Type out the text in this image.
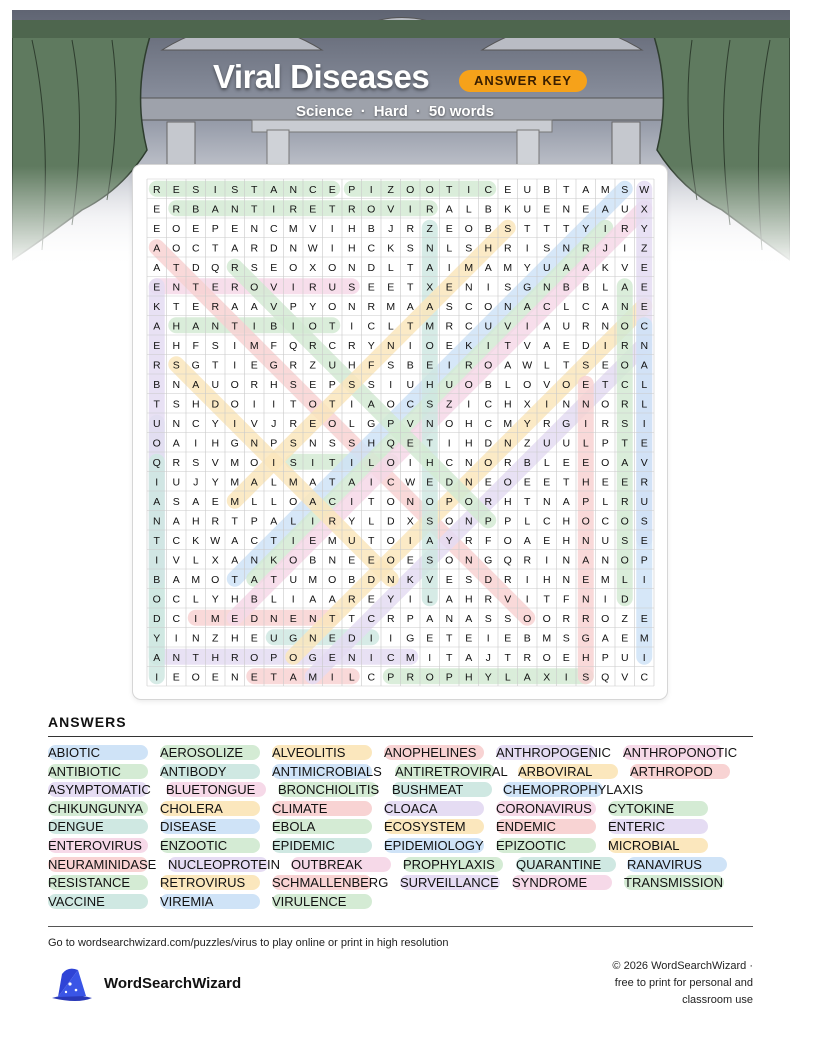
Viral Diseases	ANSWER KEY
Science · Hard · 50 words
R E S I S T A N C E P I Z O O T I C E U B T A M S W
E R B A N T I R E T R O V I R A L B K U E N E A U X
E O E P E N C M V I H B J R Z E O B S T T T Y I R Y
A O C T A R D N W I H C K S N L S H R I S N R J I Z
A T D Q R S E O X O N D L T A I M A M Y U A A K V E
E N T E R O V I R U S E E T X E N I S G N B B L A E
K T E R A A V P Y O N R M A A S C O N A C L C A N E
A H A N T I B I O T I C L T M R C U V I A U R N O C
E H F S I M F Q R C R Y N I O E K I T V A E D I R N
R S G T I E G R Z U H F S B E I R O A W L T S E O A
B N A U O R H S E P S S I U H U O B L O V O E T C L
T S H D O I I T O T I A O C S Z I C H X I N N O R L
U N C Y I V J R E O L G P V N O H C M Y R G I R S I
O A I H G N P S N S S H Q E T I H D N Z U U L P T E
Q R S V M O I S I T I L O I H C N O R B L E E O A V
I U J Y M A L M A T A I C W E D N E O E E T H E E R
A S A E M L L O A C I T O N O P O R H T N A P L R U
N A H R T P A L I R Y L D X S O N P P L C H O C O S
T C K W A C T I E M U T O I A Y R F O A E H N U S E
I V L X A N K O B N E E O E S O N G Q R I N A N O P
B A M O T A T U M O B D N K V E S D R I H N E M L I
O C L Y H B L I A A R E Y I L A H R V I T F N I D
D C I M E D N E N T T C R P A N A S S O O R R O Z E
Y I N Z H E U G N E D I I G E T E I E B M S G A E M
A N T H R O P O G E N I C M I T A J T R O E H P U I
I E O E N E T A M I L C P R O P H Y L A X I S Q V C
ANSWERS
ABIOTIC	AEROSOLIZE ALVEOLITIS	ANOPHELINES ANTHROPOGENIC ANTHROPONOTIC
ANTIBIOTIC	ANTIBODY	ANTIMICROBIALS ANTIRETROVIRAL ARBOVIRAL	ARTHROPOD
ASYMPTOMATIC BLUETONGUE BRONCHIOLITIS BUSHMEAT	CHEMOPROPHYLAXIS
CHIKUNGUNYA CHOLERA	CLIMATE	CLOACA	CORONAVIRUS CYTOKINE
DENGUE	DISEASE	EBOLA	ECOSYSTEM ENDEMIC	ENTERIC
ENTEROVIRUS ENZOOTIC	EPIDEMIC	EPIDEMIOLOGY EPIZOOTIC	MICROBIAL
NEURAMINIDASE NUCLEOPROTEIN OUTBREAK	PROPHYLAXIS QUARANTINE RANAVIRUS
RESISTANCE RETROVIRUS SCHMALLENBERG SURVEILLANCE SYNDROME	TRANSMISSION
VACCINE	VIREMIA	VIRULENCE
Go to wordsearchwizard.com/puzzles/virus to play online or print in high resolution
WordSearchWizard
© 2026 WordSearchWizard ·
free to print for personal and
classroom use
